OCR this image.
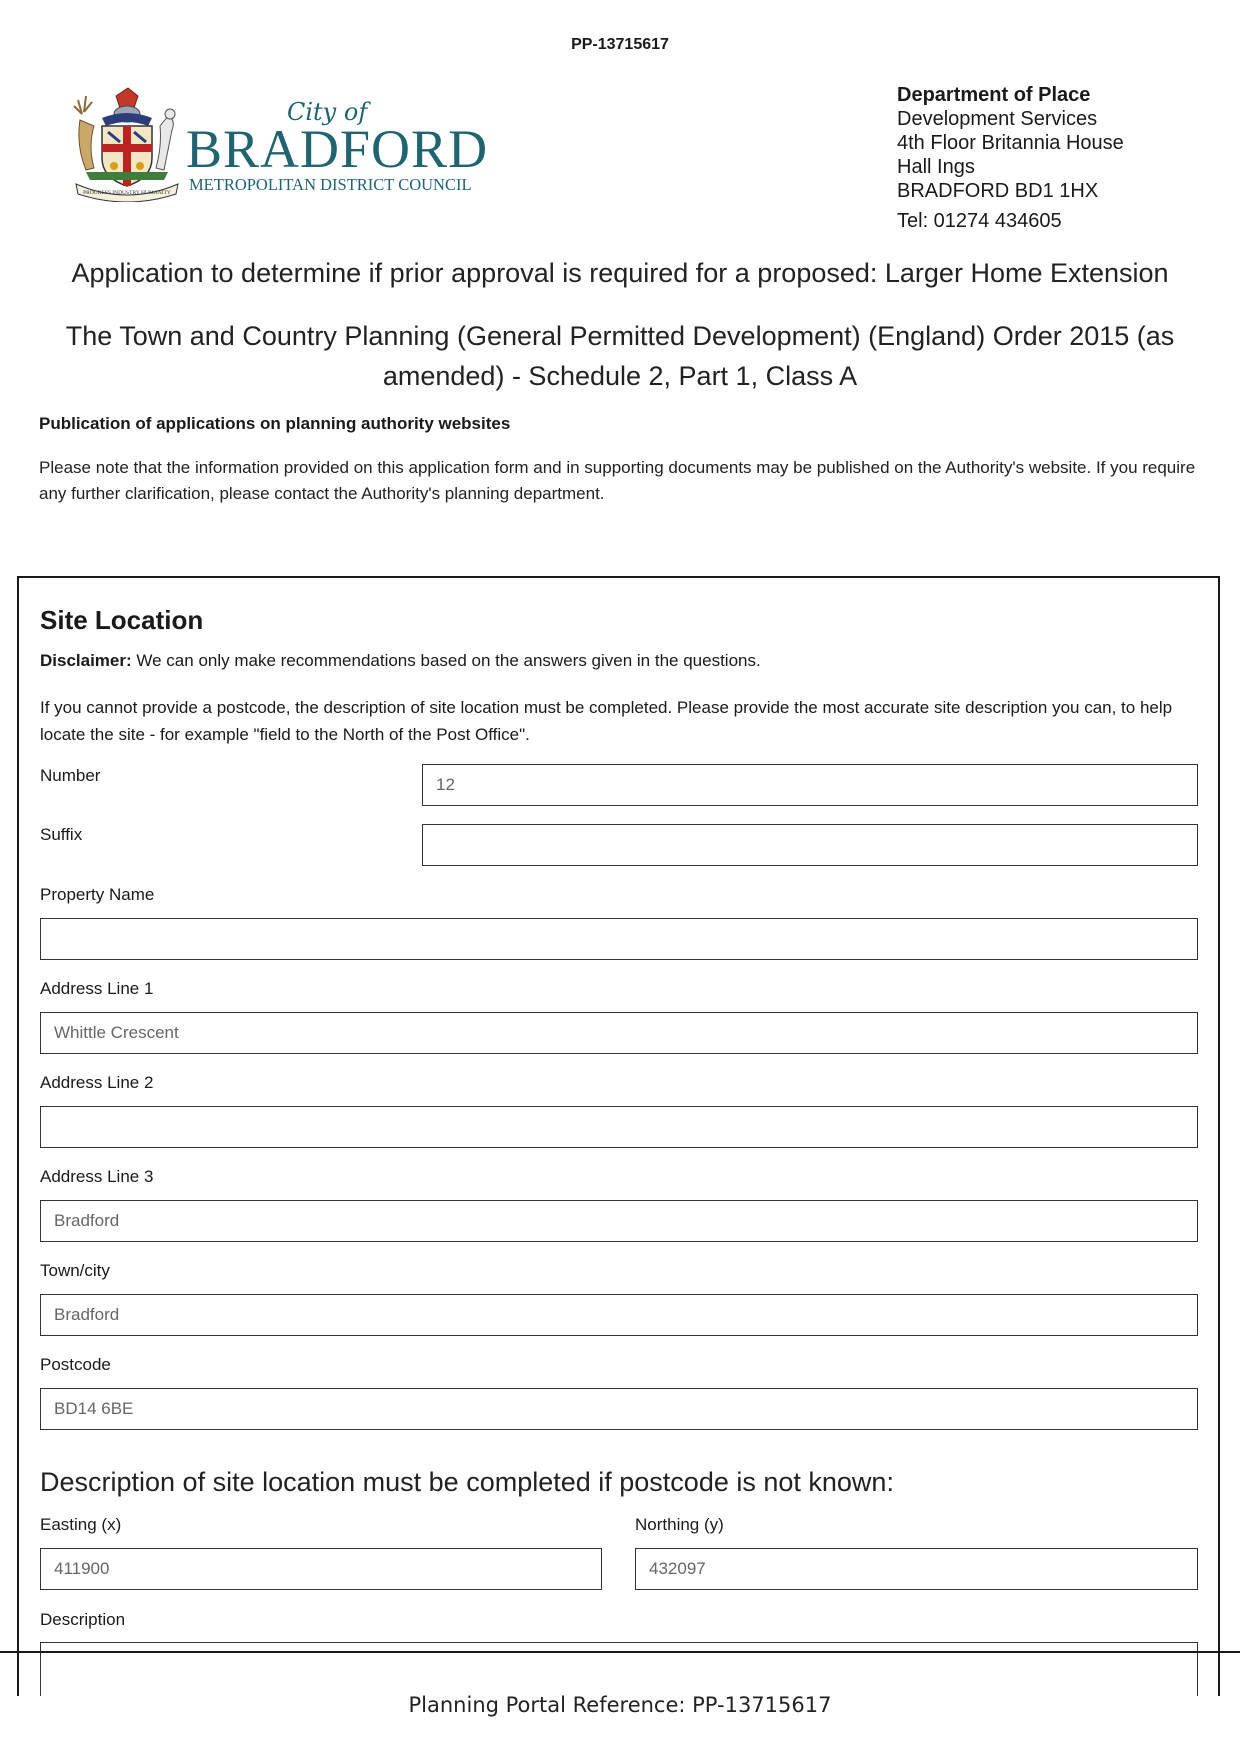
PP-13715617
PROGRESS INDUSTRY HUMANITY
City of
BRADFORD
METROPOLITAN DISTRICT COUNCIL
Department of Place
Development Services
4th Floor Britannia House
Hall Ings
BRADFORD BD1 1HX
Tel: 01274 434605
Application to determine if prior approval is required for a proposed: Larger Home Extension
The Town and Country Planning (General Permitted Development) (England) Order 2015 (as amended) - Schedule 2, Part 1, Class A
Publication of applications on planning authority websites
Please note that the information provided on this application form and in supporting documents may be published on the Authority's website. If you require any further clarification, please contact the Authority's planning department.
Site Location
Disclaimer: We can only make recommendations based on the answers given in the questions.
If you cannot provide a postcode, the description of site location must be completed. Please provide the most accurate site description you can, to help locate the site - for example "field to the North of the Post Office".
Number	12
Suffix
Property Name
Address Line 1
Whittle Crescent
Address Line 2
Address Line 3
Bradford
Town/city
Bradford
Postcode
BD14 6BE
Description of site location must be completed if postcode is not known:
Easting (x)
411900
Northing (y)
432097
Description
Planning Portal Reference: PP-13715617
